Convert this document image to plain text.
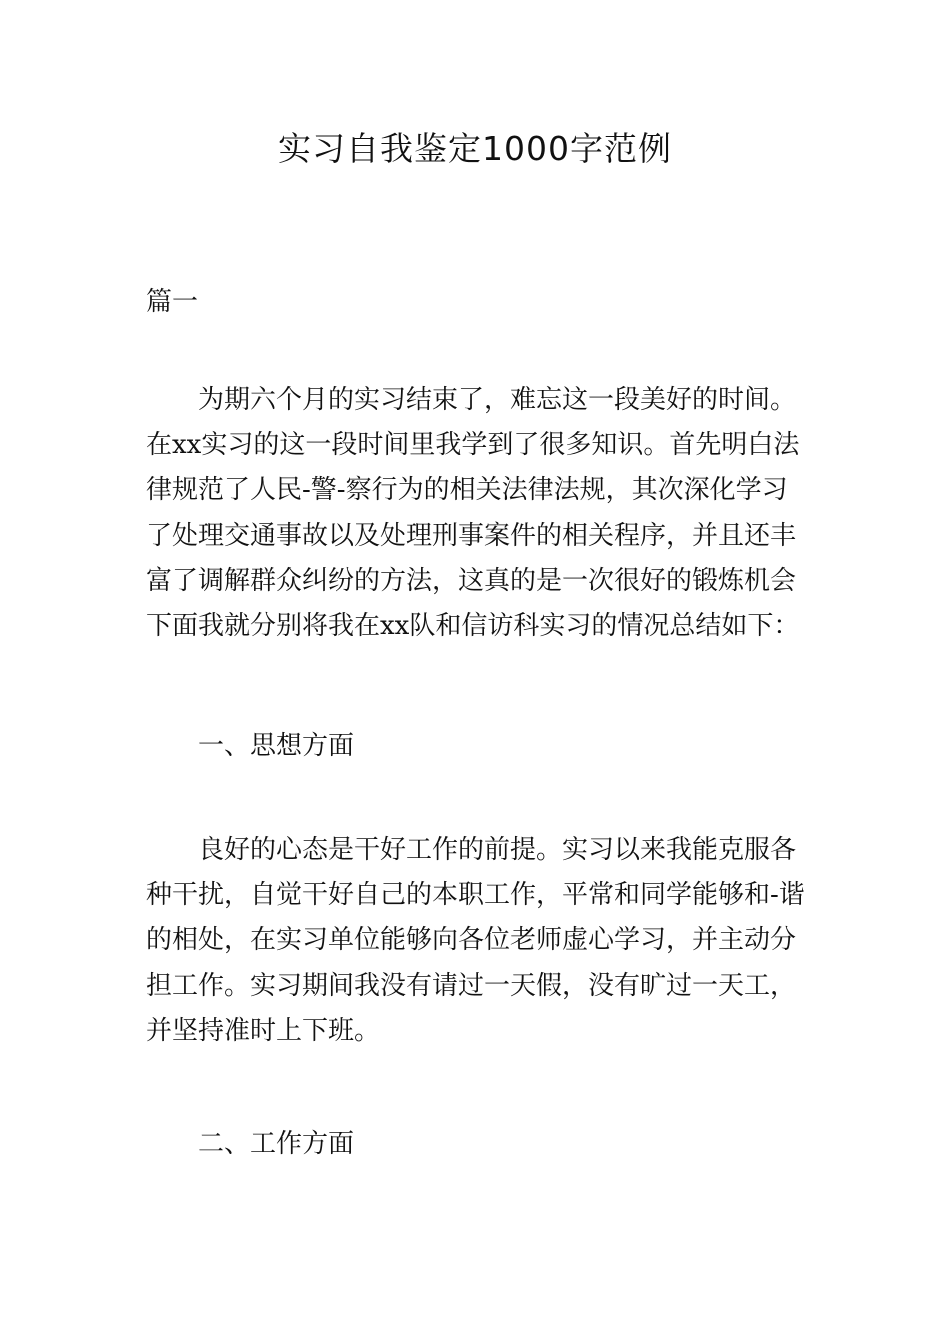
实习自我鉴定1000字范例
篇一

为期六个月的实习结束了，难忘这一段美好的时间。在xx实习的这一段时间里我学到了很多知识。首先明白法律规范了人民-警-察行为的相关法律法规，其次深化学习了处理交通事故以及处理刑事案件的相关程序，并且还丰富了调解群众纠纷的方法，这真的是一次很好的锻炼机会下面我就分别将我在xx队和信访科实习的情况总结如下：

一、思想方面

良好的心态是干好工作的前提。实习以来我能克服各种干扰，自觉干好自己的本职工作，平常和同学能够和-谐的相处，在实习单位能够向各位老师虚心学习，并主动分担工作。实习期间我没有请过一天假，没有旷过一天工，并坚持准时上下班。

二、工作方面
